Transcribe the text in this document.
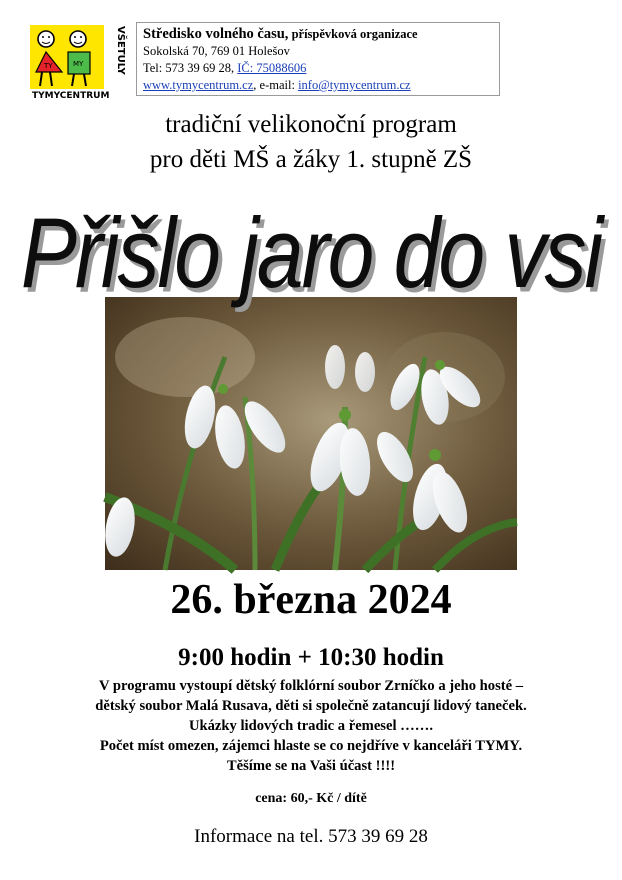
TY	MY
TYMYCENTRUM
VŠETULY Středisko volného času, příspěvková organizace
Sokolská 70, 769 01 Holešov
Tel: 573 39 69 28, IČ: 75088606
www.tymycentrum.cz, e-mail: info@tymycentrum.cz
tradiční velikonoční program
pro děti MŠ a žáky 1. stupně ZŠ
Přišlo jaro do vsi
26. března 2024
9:00 hodin + 10:30 hodin
V programu vystoupí dětský folklórní soubor Zrníčko a jeho hosté –
dětský soubor Malá Rusava, děti si společně zatancují lidový taneček.
Ukázky lidových tradic a řemesel …….
Počet míst omezen, zájemci hlaste se co nejdříve v kanceláři TYMY.
Těšíme se na Vaši účast !!!!
cena: 60,- Kč / dítě
Informace na tel. 573 39 69 28
